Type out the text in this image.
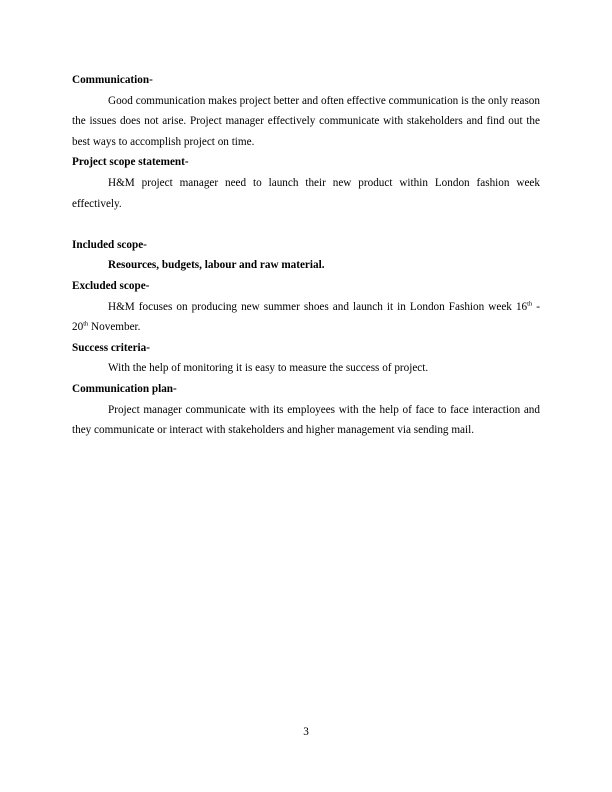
Communication-

Good communication makes project better and often effective communication is the only reason the issues does not arise. Project manager effectively communicate with stakeholders and find out the best ways to accomplish project on time.

Project scope statement-

H&M project manager need to launch their new product within London fashion week effectively.

Included scope-

Resources, budgets, labour and raw material.

Excluded scope-

H&M focuses on producing new summer shoes and launch it in London Fashion week 16th - 20th November.

Success criteria-

With the help of monitoring it is easy to measure the success of project.

Communication plan-

Project manager communicate with its employees with the help of face to face interaction and they communicate or interact with stakeholders and higher management via sending mail.

3
